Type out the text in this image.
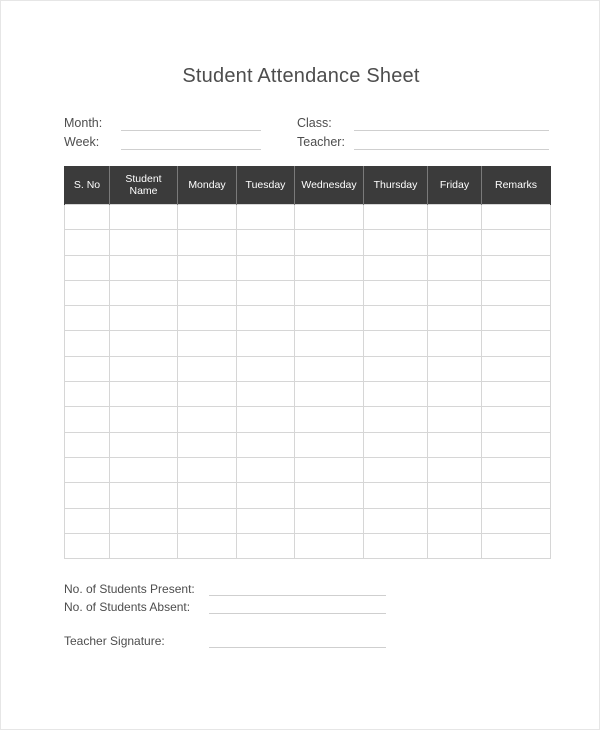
Student Attendance Sheet
Month:
Week:
Class:
Teacher:
S. No	Student Name	Monday	Tuesday	Wednesday	Thursday	Friday	Remarks

No. of Students Present:
No. of Students Absent:
Teacher Signature:
